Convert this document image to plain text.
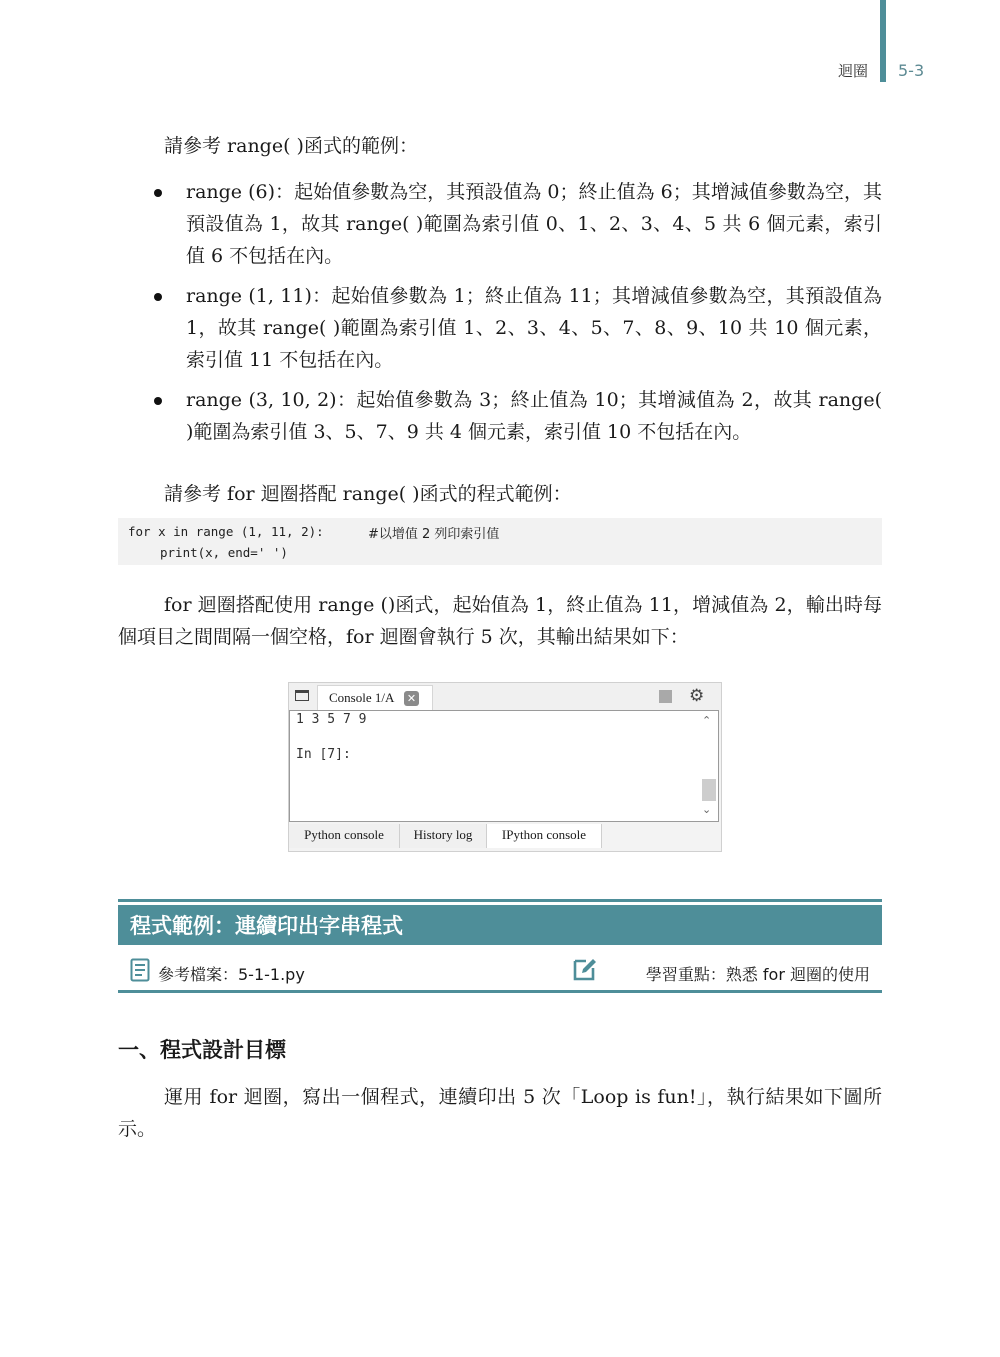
迴圈 5-3
請參考 range( )函式的範例：
range (6)：起始值參數為空，其預設值為 0；終止值為 6；其增減值參數為空，其預設值為 1，故其 range( )範圍為索引值 0、1、2、3、4、5 共 6 個元素，索引值 6 不包括在內。
range (1, 11)：起始值參數為 1；終止值為 11；其增減值參數為空，其預設值為 1，故其 range( )範圍為索引值 1、2、3、4、5、7、8、9、10 共 10 個元素，索引值 11 不包括在內。
range (3, 10, 2)：起始值參數為 3；終止值為 10；其增減值為 2，故其 range( )範圍為索引值 3、5、7、9 共 4 個元素，索引值 10 不包括在內。
請參考 for 迴圈搭配 range( )函式的程式範例：
for x in range (1, 11, 2):	#以增值 2 列印索引值
print(x, end=' ')
for 迴圈搭配使用 range ()函式，起始值為 1，終止值為 11，增減值為 2，輸出時每個項目之間間隔一個空格，for 迴圈會執行 5 次，其輸出結果如下：
Console 1/A ✕	⚙
1 3 5 7 9
In [7]:
⌃
⌄
Python console	History log	IPython console
程式範例：連續印出字串程式
參考檔案：5-1-1.py	學習重點：熟悉 for 迴圈的使用
一、程式設計目標
運用 for 迴圈，寫出一個程式，連續印出 5 次「Loop is fun!」，執行結果如下圖所示。
